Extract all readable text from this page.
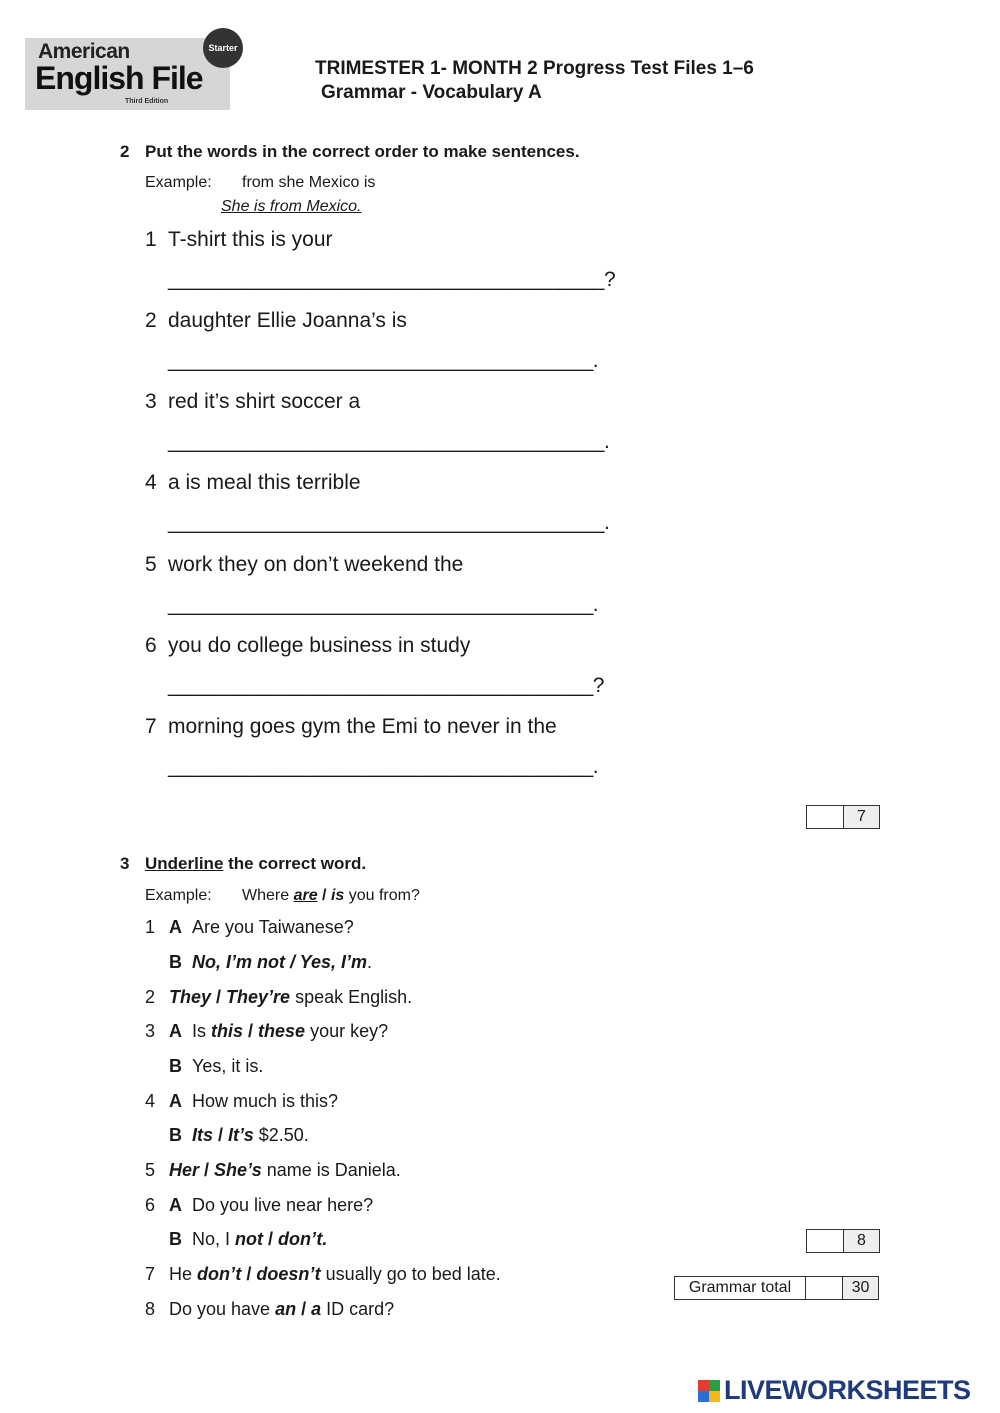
American
English File
Third Edition
Starter
TRIMESTER 1- MONTH 2 Progress Test Files 1–6
Grammar - Vocabulary A
2 Put the words in the correct order to make sentences.
Example: from she Mexico is
She is from Mexico.
1 T-shirt this is your
_______________________________________?
2 daughter Ellie Joanna’s is
______________________________________.
3 red it’s shirt soccer a
_______________________________________.
4 a is meal this terrible
_______________________________________.
5 work they on don’t weekend the
______________________________________.
6 you do college business in study
______________________________________?
7 morning goes gym the Emi to never in the
______________________________________.
7
3 Underline the correct word.
Example: Where are / is you from?
1 A Are you Taiwanese?
B No, I’m not / Yes, I’m.
2 They / They’re speak English.
3 A Is this / these your key?
B Yes, it is.
4 A How much is this?
B Its / It’s $2.50.
5 Her / She’s name is Daniela.
6 A Do you live near here?
B No, I not / don’t.	8
7 He don’t / doesn’t usually go to bed late.
Grammar total	30
8 Do you have an / a ID card?
LIVEWORKSHEETS
